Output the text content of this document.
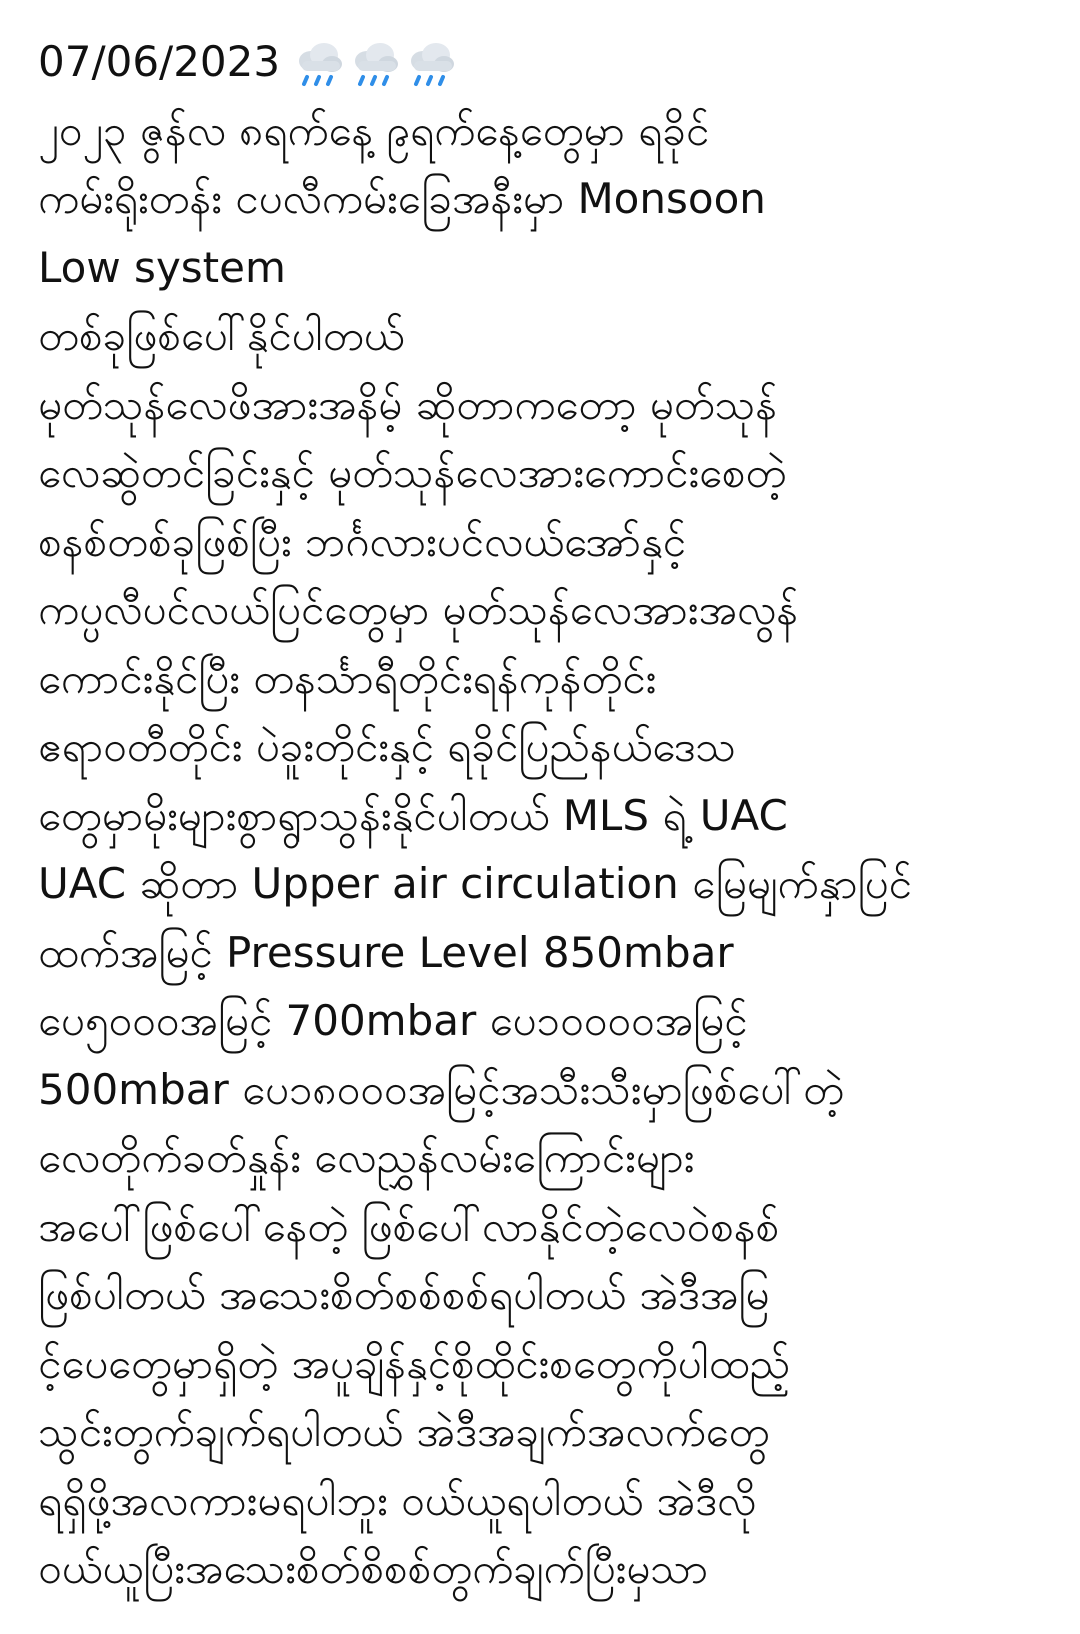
07/06/2023
၂၀၂၃ ဇွန်လ ၈ရက်နေ့ ၉ရက်နေ့တွေမှာ ရခိုင်
ကမ်းရိုးတန်း ငပလီကမ်းခြေအနီးမှာ Monsoon
Low system
တစ်ခုဖြစ်ပေါ်နိုင်ပါတယ်
မုတ်သုန်လေဖိအားအနိမ့် ဆိုတာကတော့ မုတ်သုန်
လေဆွဲတင်ခြင်းနှင့် မုတ်သုန်လေအားကောင်းစေတဲ့
စနစ်တစ်ခုဖြစ်ပြီး ဘင်္ဂလားပင်လယ်အော်နှင့်
ကပ္ပလီပင်လယ်ပြင်တွေမှာ မုတ်သုန်လေအားအလွန်
ကောင်းနိုင်ပြီး တနင်္သာရီတိုင်းရန်ကုန်တိုင်း
ဧရာဝတီတိုင်း ပဲခူးတိုင်းနှင့် ရခိုင်ပြည်နယ်ဒေသ
တွေမှာမိုးများစွာရွာသွန်းနိုင်ပါတယ် MLS ရဲ့ UAC
UAC ဆိုတာ Upper air circulation မြေမျက်နှာပြင်
ထက်အမြင့် Pressure Level 850mbar
ပေ၅၀၀၀အမြင့် 700mbar ပေ၁၀၀၀၀အမြင့်
500mbar ပေ၁၈၀၀၀အမြင့်အသီးသီးမှာဖြစ်ပေါ်တဲ့
လေတိုက်ခတ်နှုန်း လေညွှန်လမ်းကြောင်းများ
အပေါ်ဖြစ်ပေါ်နေတဲ့ ဖြစ်ပေါ်လာနိုင်တဲ့လေဝဲစနစ်
ဖြစ်ပါတယ် အသေးစိတ်စစ်စစ်ရပါတယ် အဲဒီအမြ
င့်ပေတွေမှာရှိတဲ့ အပူချိန်နှင့်စိုထိုင်းစတွေကိုပါထည့်
သွင်းတွက်ချက်ရပါတယ် အဲဒီအချက်အလက်တွေ
ရရှိဖို့အလကားမရပါဘူး ဝယ်ယူရပါတယ် အဲဒီလို
ဝယ်ယူပြီးအသေးစိတ်စိစစ်တွက်ချက်ပြီးမှသာ
